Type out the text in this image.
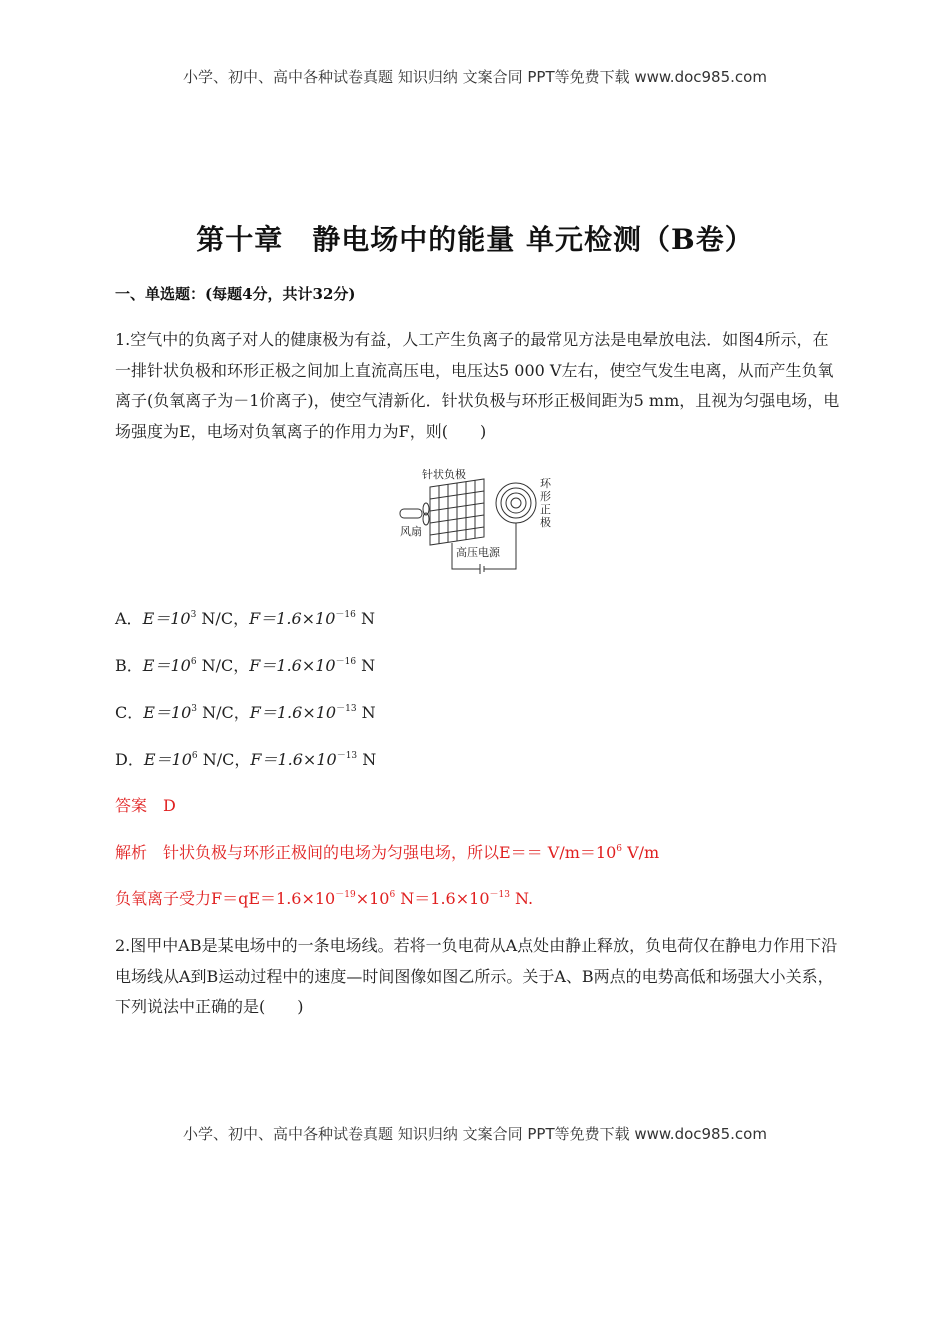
小学、初中、高中各种试卷真题 知识归纳 文案合同 PPT等免费下载 www.doc985.com
第十章　静电场中的能量 单元检测（B卷）
一、单选题：(每题4分，共计32分)
1.空气中的负离子对人的健康极为有益，人工产生负离子的最常见方法是电晕放电法．如图4所示，在一排针状负极和环形正极之间加上直流高压电，电压达5 000 V左右，使空气发生电离，从而产生负氧离子(负氧离子为－1价离子)，使空气清新化．针状负极与环形正极间距为5 mm，且视为匀强电场，电场强度为E，电场对负氧离子的作用力为F，则(　　)
针状负极
风扇
环
形
正
极
高压电源
A．$E=10^3$ N/C，$F=1.6\times 10^{-16}$ N
B．$E=10^6$ N/C，$F=1.6\times 10^{-16}$ N
C．$E=10^3$ N/C，$F=1.6\times 10^{-13}$ N
D．$E=10^6$ N/C，$F=1.6\times 10^{-13}$ N
答案　D
解析　针状负极与环形正极间的电场为匀强电场，所以$E== V/m=10^6$ V/m
负氧离子受力$F=qE=1.6\times 10^{-19}\times 10^6$ $N=1.6\times 10^{-13}$ N.
2.图甲中AB是某电场中的一条电场线。若将一负电荷从A点处由静止释放，负电荷仅在静电力作用下沿电场线从A到B运动过程中的速度—时间图像如图乙所示。关于A、B两点的电势高低和场强大小关系，下列说法中正确的是(　　)
小学、初中、高中各种试卷真题 知识归纳 文案合同 PPT等免费下载 www.doc985.com
